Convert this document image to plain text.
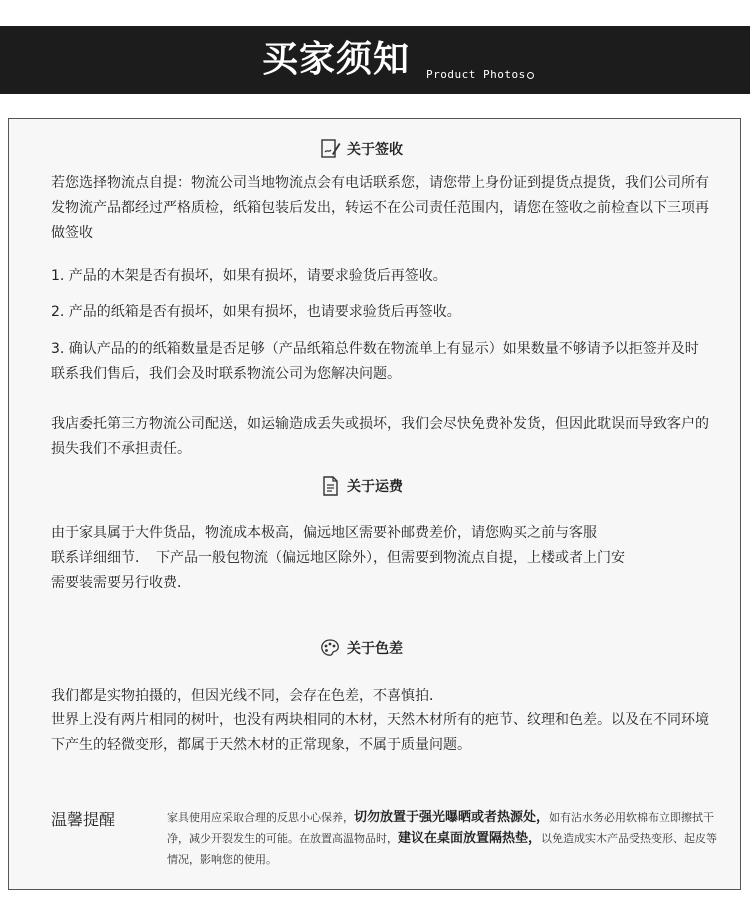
买家须知 Product Photos
关于签收
若您选择物流点自提：物流公司当地物流点会有电话联系您，请您带上身份证到提货点提货，我们公司所有发物流产品都经过严格质检，纸箱包装后发出，转运不在公司责任范围内，请您在签收之前检查以下三项再做签收
1. 产品的木架是否有损坏，如果有损坏，请要求验货后再签收。
2. 产品的纸箱是否有损坏，如果有损坏，也请要求验货后再签收。
3. 确认产品的的纸箱数量是否足够（产品纸箱总件数在物流单上有显示）如果数量不够请予以拒签并及时联系我们售后，我们会及时联系物流公司为您解决问题。
我店委托第三方物流公司配送，如运输造成丢失或损坏，我们会尽快免费补发货，但因此耽误而导致客户的损失我们不承担责任。
关于运费
由于家具属于大件货品，物流成本极高，偏远地区需要补邮费差价，请您购买之前与客服
联系详细细节．　下产品一般包物流（偏远地区除外），但需要到物流点自提，上楼或者上门安
需要装需要另行收费．
关于色差
我们都是实物拍摄的，但因光线不同，会存在色差，不喜慎拍．
世界上没有两片相同的树叶，也没有两块相同的木材，天然木材所有的疤节、纹理和色差。以及在不同环境下产生的轻微变形，都属于天然木材的正常现象，不属于质量问题。
温馨提醒	家具使用应采取合理的反思小心保养，切勿放置于强光曝晒或者热源处，如有沾水务必用软棉布立即擦拭干净，减少开裂发生的可能。在放置高温物品时，建议在桌面放置隔热垫，以免造成实木产品受热变形、起皮等情况，影响您的使用。
